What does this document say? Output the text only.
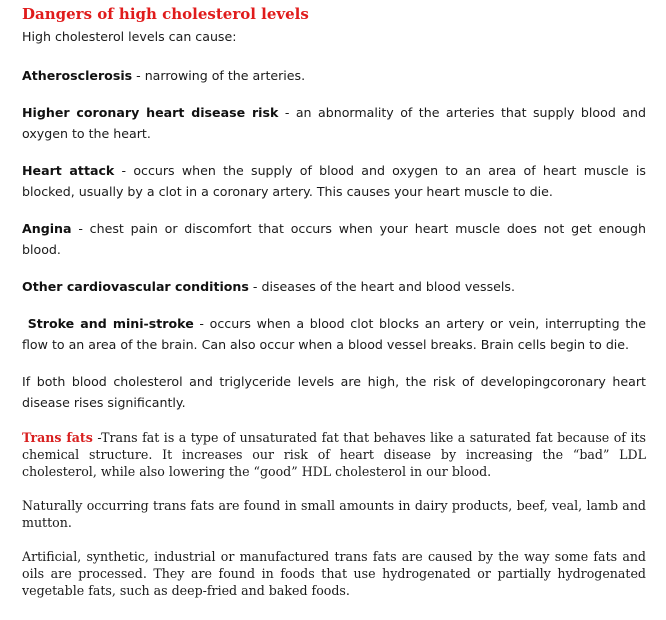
Dangers of high cholesterol levels

High cholesterol levels can cause:

Atherosclerosis - narrowing of the arteries.

Higher coronary heart disease risk - an abnormality of the arteries that supply blood and oxygen to the heart.

Heart attack - occurs when the supply of blood and oxygen to an area of heart muscle is blocked, usually by a clot in a coronary artery. This causes your heart muscle to die.

Angina - chest pain or discomfort that occurs when your heart muscle does not get enough blood.

Other cardiovascular conditions - diseases of the heart and blood vessels.

Stroke and mini-stroke - occurs when a blood clot blocks an artery or vein, interrupting the flow to an area of the brain. Can also occur when a blood vessel breaks. Brain cells begin to die.

If both blood cholesterol and triglyceride levels are high, the risk of developingcoronary heart disease rises significantly.

Trans fats -Trans fat is a type of unsaturated fat that behaves like a saturated fat because of its chemical structure. It increases our risk of heart disease by increasing the “bad” LDL cholesterol, while also lowering the “good” HDL cholesterol in our blood.

Naturally occurring trans fats are found in small amounts in dairy products, beef, veal, lamb and mutton.

Artificial, synthetic, industrial or manufactured trans fats are caused by the way some fats and oils are processed. They are found in foods that use hydrogenated or partially hydrogenated vegetable fats, such as deep-fried and baked foods.
